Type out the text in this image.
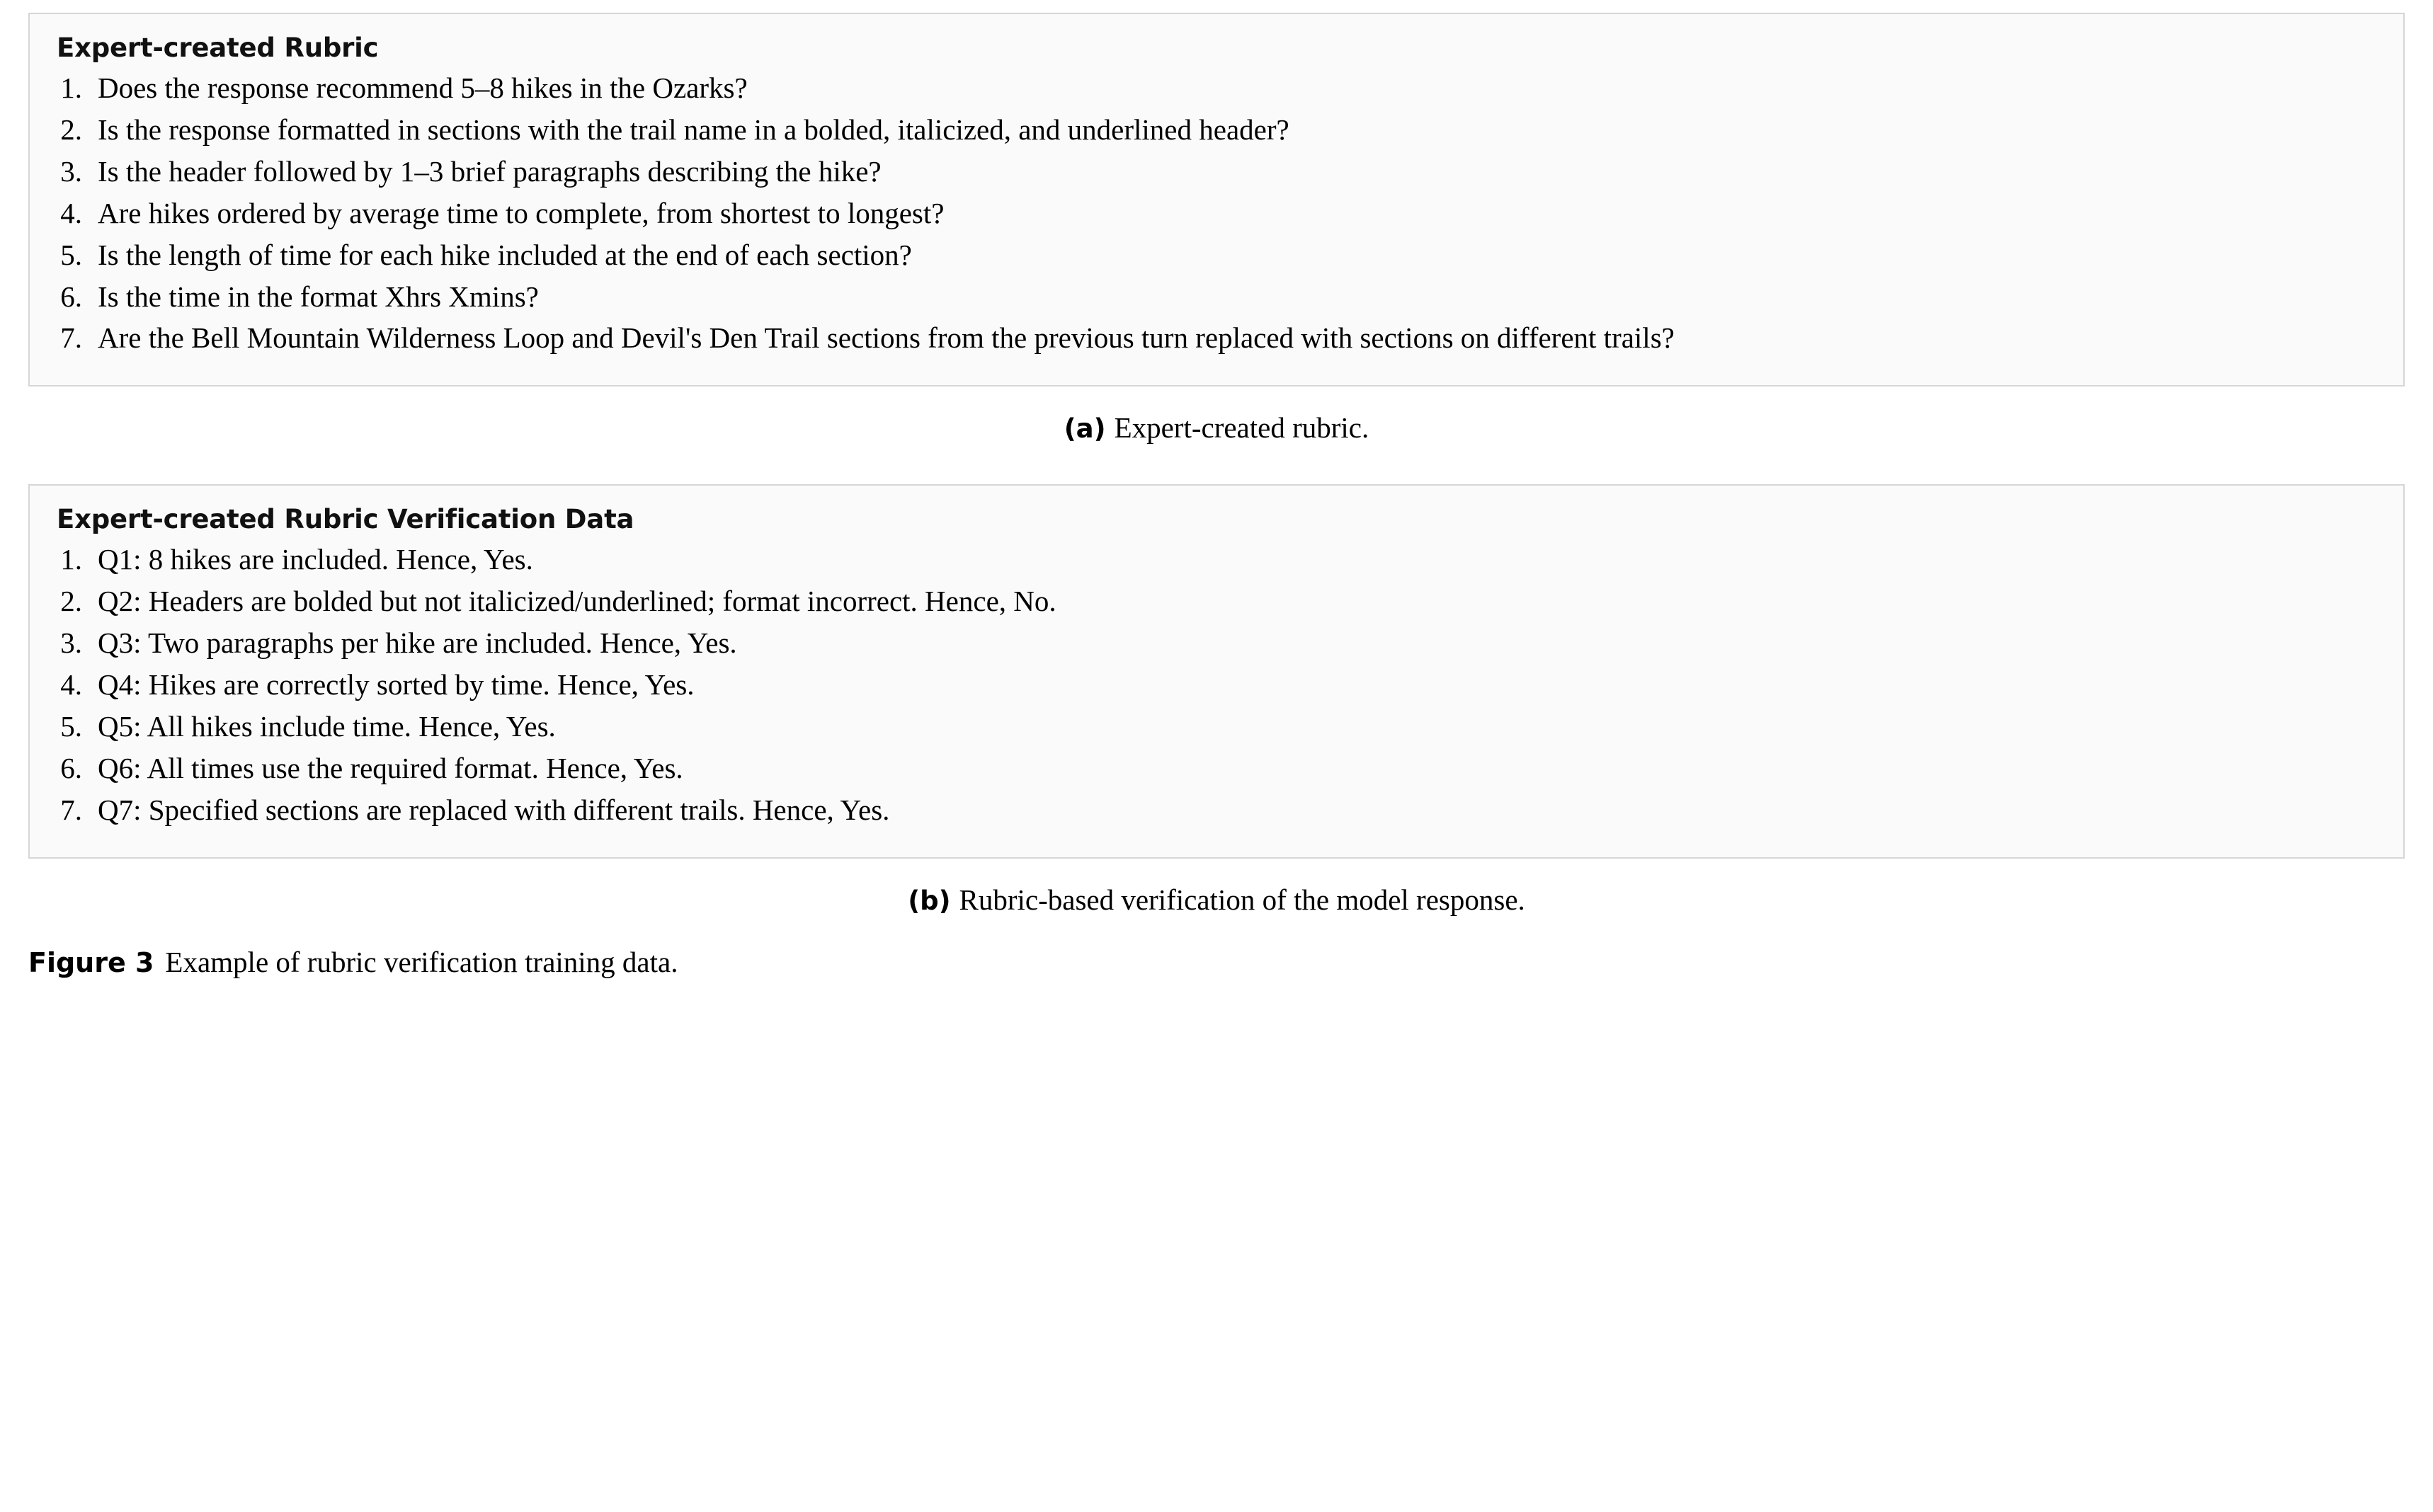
Expert-created Rubric
1. Does the response recommend 5–8 hikes in the Ozarks?
2. Is the response formatted in sections with the trail name in a bolded, italicized, and underlined header?
3. Is the header followed by 1–3 brief paragraphs describing the hike?
4. Are hikes ordered by average time to complete, from shortest to longest?
5. Is the length of time for each hike included at the end of each section?
6. Is the time in the format Xhrs Xmins?
7. Are the Bell Mountain Wilderness Loop and Devil's Den Trail sections from the previous turn replaced with sections on different trails?
(a) Expert-created rubric.
Expert-created Rubric Verification Data
1. Q1: 8 hikes are included. Hence, Yes.
2. Q2: Headers are bolded but not italicized/underlined; format incorrect. Hence, No.
3. Q3: Two paragraphs per hike are included. Hence, Yes.
4. Q4: Hikes are correctly sorted by time. Hence, Yes.
5. Q5: All hikes include time. Hence, Yes.
6. Q6: All times use the required format. Hence, Yes.
7. Q7: Specified sections are replaced with different trails. Hence, Yes.
(b) Rubric-based verification of the model response.
Figure 3 Example of rubric verification training data.
